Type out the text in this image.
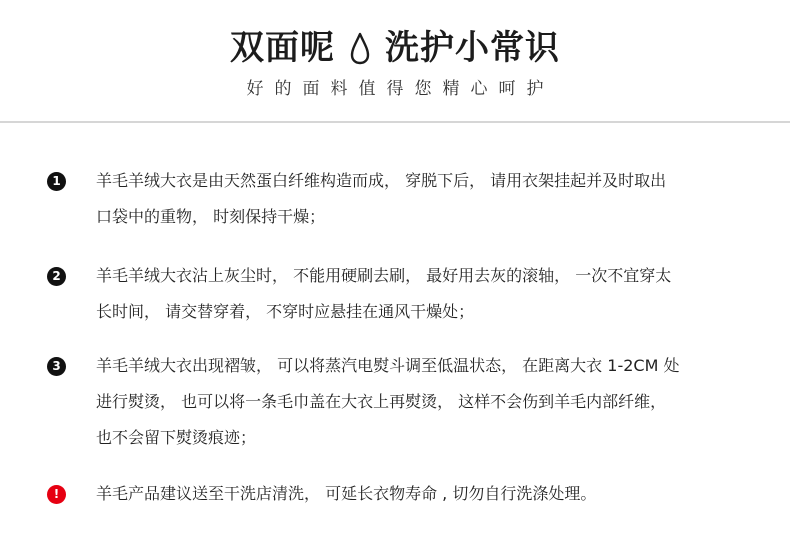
双面呢 洗护小常识
好的面料值得您精心呵护
1	羊毛羊绒大衣是由天然蛋白纤维构造而成， 穿脱下后， 请用衣架挂起并及时取出
口袋中的重物， 时刻保持干燥；
2	羊毛羊绒大衣沾上灰尘时， 不能用硬刷去刷， 最好用去灰的滚轴， 一次不宜穿太
长时间， 请交替穿着， 不穿时应悬挂在通风干燥处；
3	羊毛羊绒大衣出现褶皱， 可以将蒸汽电熨斗调至低温状态， 在距离大衣 1-2CM 处
进行熨烫， 也可以将一条毛巾盖在大衣上再熨烫， 这样不会伤到羊毛内部纤维，
也不会留下熨烫痕迹；
!	羊毛产品建议送至干洗店清洗， 可延长衣物寿命 , 切勿自行洗涤处理。
